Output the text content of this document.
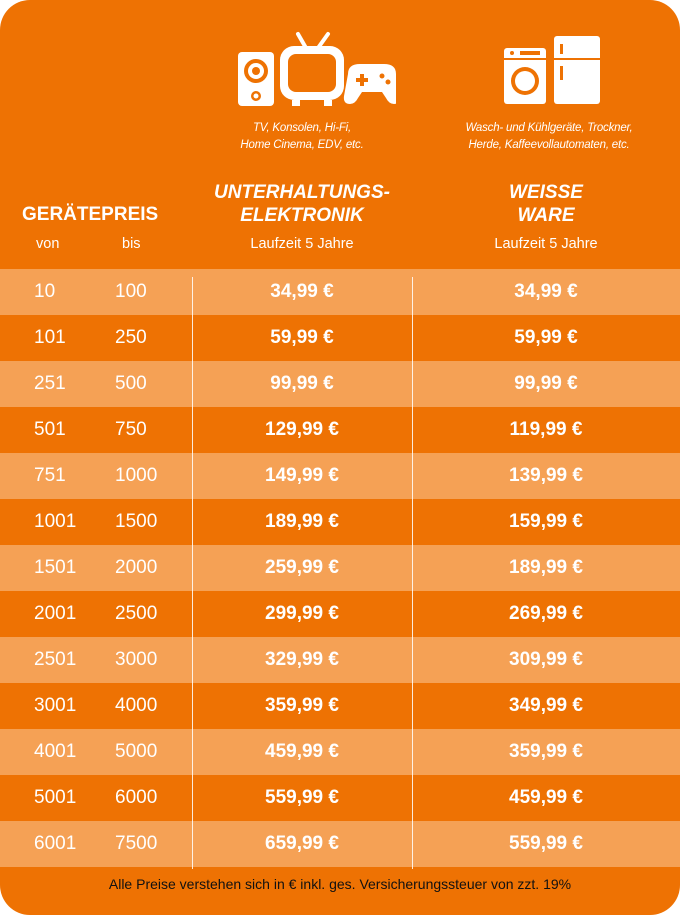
TV, Konsolen, Hi-Fi,
Home Cinema, EDV, etc.
Wasch- und Kühlgeräte, Trockner,
Herde, Kaffeevollautomaten, etc.
UNTERHALTUNGS-
ELEKTRONIK
WEISSE
WARE
Laufzeit 5 Jahre	Laufzeit 5 Jahre
GERÄTEPREIS
von	bis
10	100	34,99 €	34,99 €
101	250	59,99 €	59,99 €
251	500	99,99 €	99,99 €
501	750	129,99 €	119,99 €
751	1000	149,99 €	139,99 €
1001 1500	189,99 €	159,99 €
1501 2000	259,99 €	189,99 €
2001 2500	299,99 €	269,99 €
2501 3000	329,99 €	309,99 €
3001 4000	359,99 €	349,99 €
4001 5000	459,99 €	359,99 €
5001 6000	559,99 €	459,99 €
6001 7500	659,99 €	559,99 €
Alle Preise verstehen sich in € inkl. ges. Versicherungssteuer von zzt. 19%
